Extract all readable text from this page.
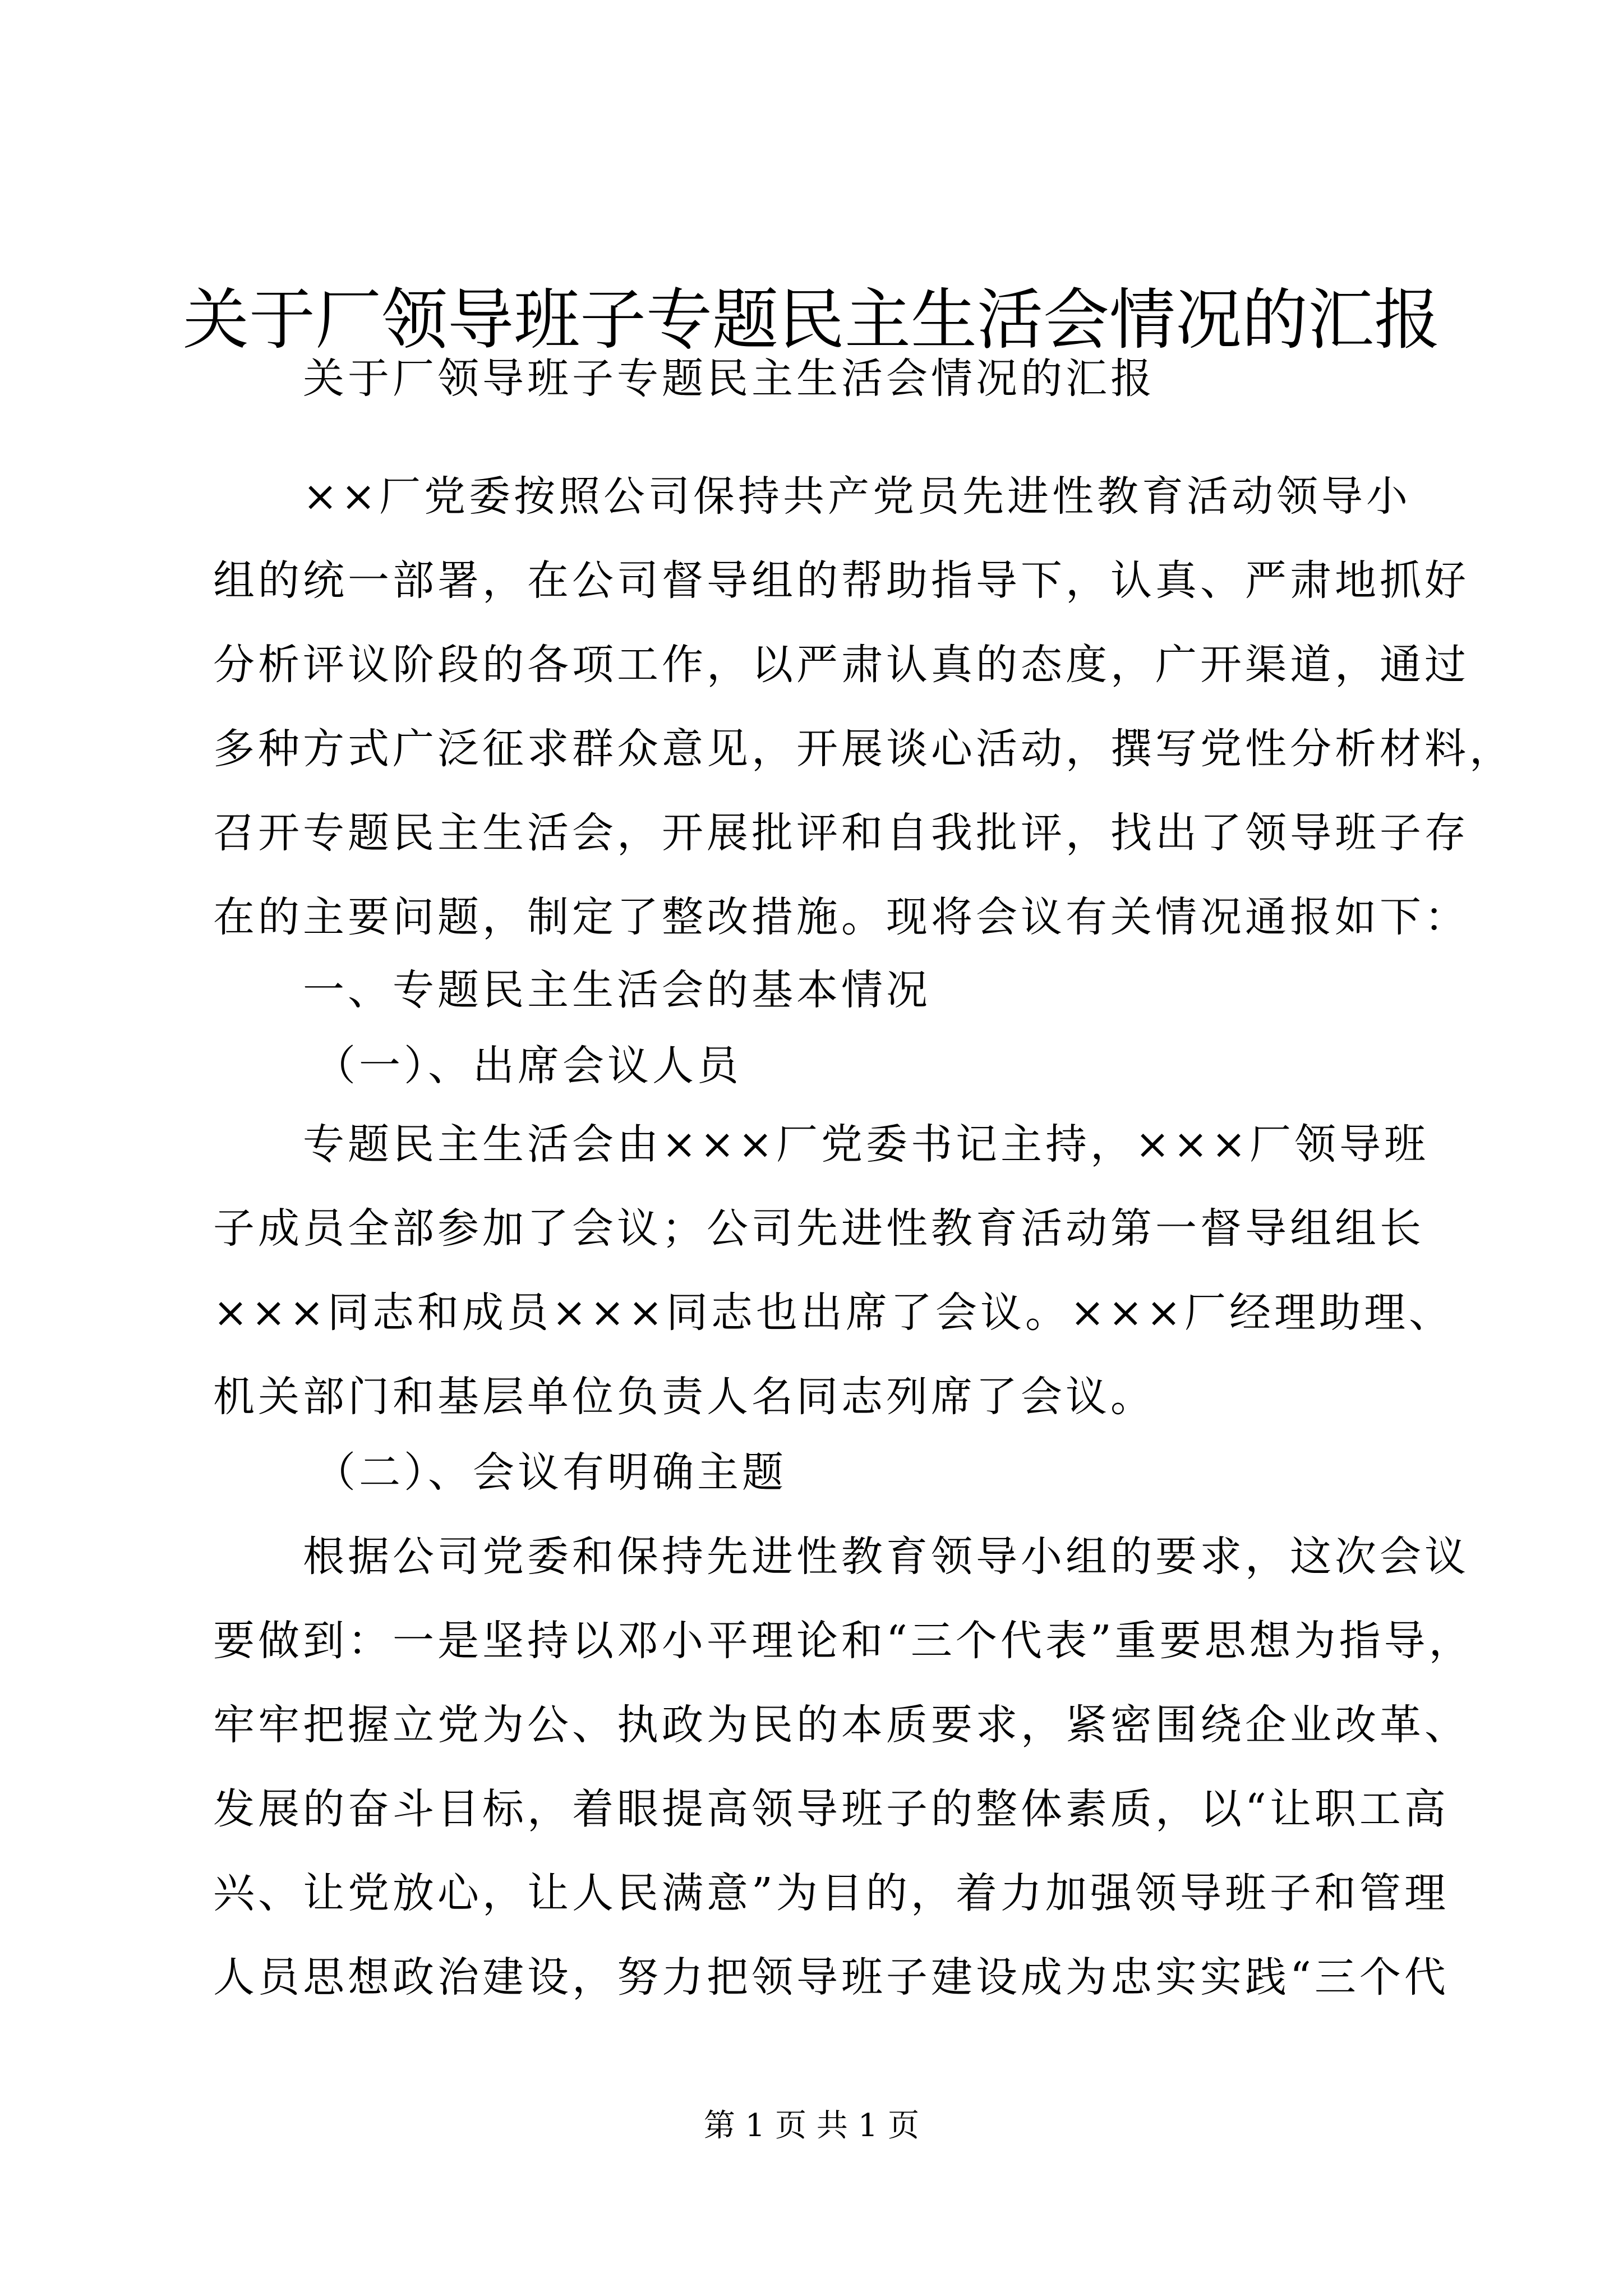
关于厂领导班子专题民主生活会情况的汇报
关于厂领导班子专题民主生活会情况的汇报
××厂党委按照公司保持共产党员先进性教育活动领导小
组的统一部署，在公司督导组的帮助指导下，认真、严肃地抓好
分析评议阶段的各项工作，以严肃认真的态度，广开渠道，通过
多种方式广泛征求群众意见，开展谈心活动，撰写党性分析材料，
召开专题民主生活会，开展批评和自我批评，找出了领导班子存
在的主要问题，制定了整改措施。现将会议有关情况通报如下：
一、专题民主生活会的基本情况
（一）、出席会议人员
专题民主生活会由×××厂党委书记主持，×××厂领导班
子成员全部参加了会议；公司先进性教育活动第一督导组组长
×××同志和成员×××同志也出席了会议。×××厂经理助理、
机关部门和基层单位负责人名同志列席了会议。
（二）、会议有明确主题
根据公司党委和保持先进性教育领导小组的要求，这次会议
要做到：一是坚持以邓小平理论和“三个代表”重要思想为指导，
牢牢把握立党为公、执政为民的本质要求，紧密围绕企业改革、
发展的奋斗目标，着眼提高领导班子的整体素质，以“让职工高
兴、让党放心，让人民满意”为目的，着力加强领导班子和管理
人员思想政治建设，努力把领导班子建设成为忠实实践“三个代
第 1 页 共 1 页
